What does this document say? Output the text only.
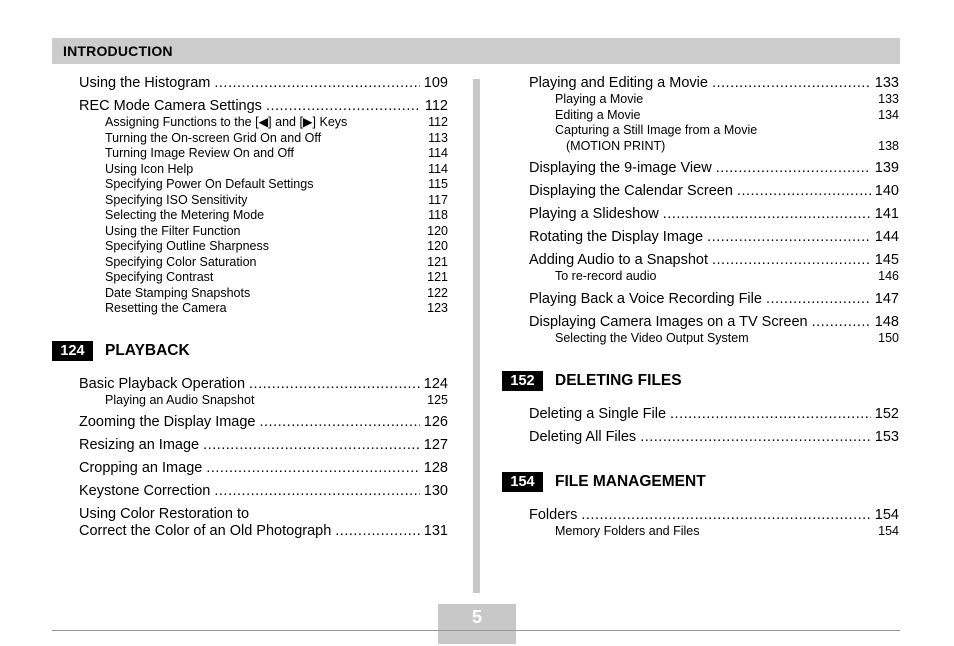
INTRODUCTION
Using the Histogram .....	109
REC Mode Camera Settings .....	112
Assigning Functions to the [◀] and [▶] Keys	112
Turning the On-screen Grid On and Off	113
Turning Image Review On and Off	114
Using Icon Help	114
Specifying Power On Default Settings	115
Specifying ISO Sensitivity	117
Selecting the Metering Mode	118
Using the Filter Function	120
Specifying Outline Sharpness	120
Specifying Color Saturation	121
Specifying Contrast	121
Date Stamping Snapshots	122
Resetting the Camera	123
124	PLAYBACK
Basic Playback Operation .....	124
Playing an Audio Snapshot	125
Zooming the Display Image .....	126
Resizing an Image .....	127
Cropping an Image .....	128
Keystone Correction .....	130
Using Color Restoration to
Correct the Color of an Old Photograph .....	131
Playing and Editing a Movie .....	133
Playing a Movie	133
Editing a Movie	134
Capturing a Still Image from a Movie
(MOTION PRINT)	138
Displaying the 9-image View .....	139
Displaying the Calendar Screen .....	140
Playing a Slideshow .....	141
Rotating the Display Image .....	144
Adding Audio to a Snapshot .....	145
To re-record audio	146
Playing Back a Voice Recording File .....	147
Displaying Camera Images on a TV Screen .....	148
Selecting the Video Output System	150
152	DELETING FILES
Deleting a Single File .....	152
Deleting All Files .....	153
154	FILE MANAGEMENT
Folders .....	154
Memory Folders and Files	154
5
